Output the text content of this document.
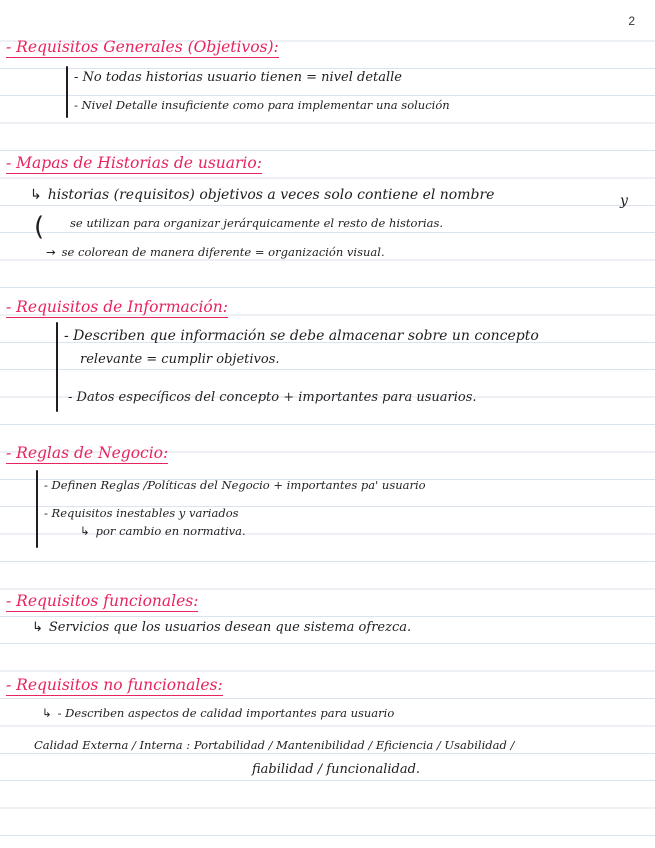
2
- Requisitos Generales (Objetivos):
- No todas historias usuario tienen = nivel detalle
- Nivel Detalle insuficiente como para implementar una solución
- Mapas de Historias de usuario:
↳ historias (requisitos) objetivos a veces solo contiene el nombre	y
( se utilizan para organizar jerárquicamente el resto de historias.
→ se colorean de manera diferente = organización visual.
- Requisitos de Información:
- Describen que información se debe almacenar sobre un concepto
relevante = cumplir objetivos.
- Datos específicos del concepto + importantes para usuarios.
- Reglas de Negocio:
- Definen Reglas /Políticas del Negocio + importantes pa' usuario
- Requisitos inestables y variados
↳ por cambio en normativa.
- Requisitos funcionales:
↳ Servicios que los usuarios desean que sistema ofrezca.
- Requisitos no funcionales:
↳ - Describen aspectos de calidad importantes para usuario
Calidad Externa / Interna : Portabilidad / Mantenibilidad / Eficiencia / Usabilidad /
fiabilidad / funcionalidad.
